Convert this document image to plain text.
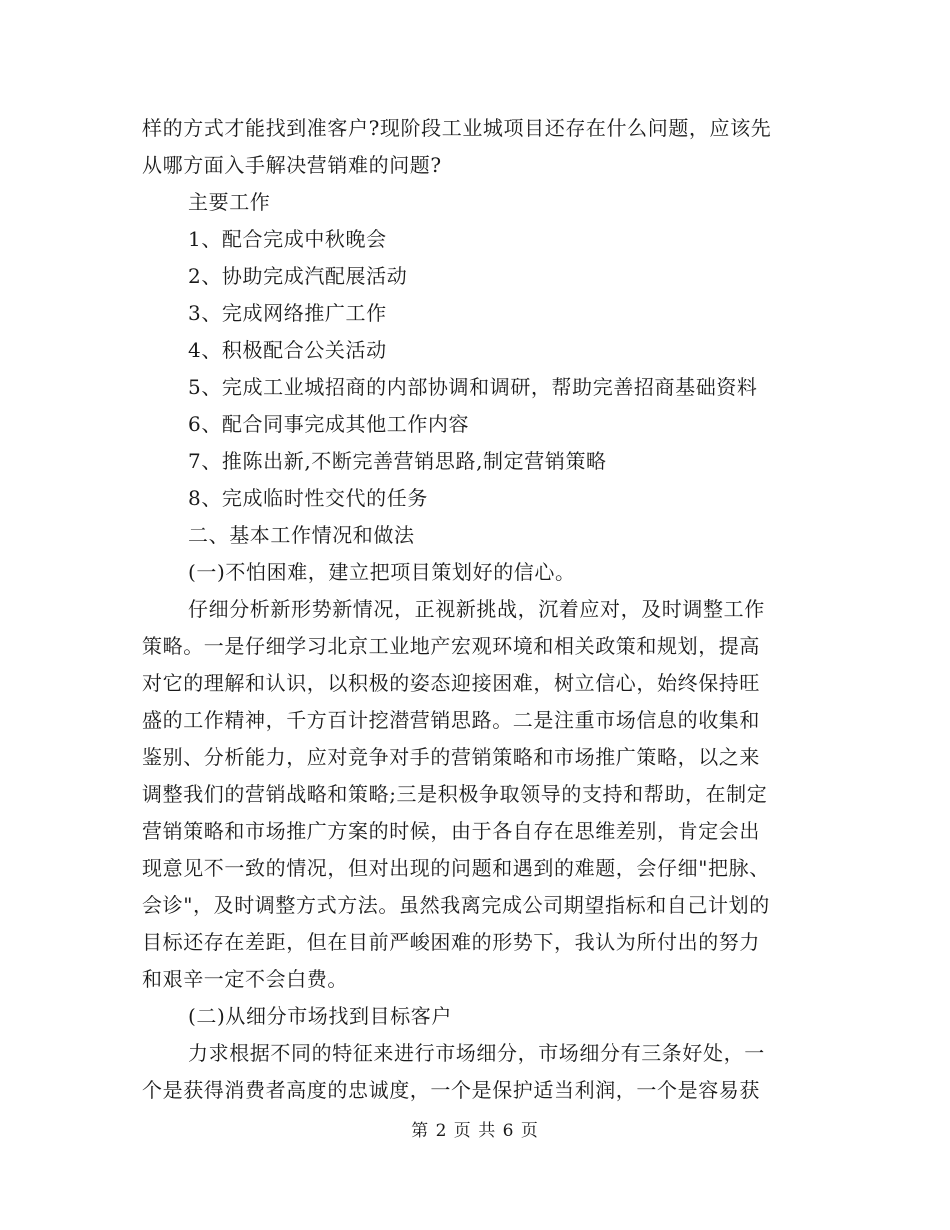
样的方式才能找到准客户?现阶段工业城项目还存在什么问题，应该先
从哪方面入手解决营销难的问题?
主要工作
1、配合完成中秋晚会
2、协助完成汽配展活动
3、完成网络推广工作
4、积极配合公关活动
5、完成工业城招商的内部协调和调研，帮助完善招商基础资料
6、配合同事完成其他工作内容
7、推陈出新,不断完善营销思路,制定营销策略
8、完成临时性交代的任务
二、基本工作情况和做法
(一)不怕困难，建立把项目策划好的信心。
仔细分析新形势新情况，正视新挑战，沉着应对，及时调整工作
策略。一是仔细学习北京工业地产宏观环境和相关政策和规划，提高
对它的理解和认识，以积极的姿态迎接困难，树立信心，始终保持旺
盛的工作精神，千方百计挖潜营销思路。二是注重市场信息的收集和
鉴别、分析能力，应对竞争对手的营销策略和市场推广策略，以之来
调整我们的营销战略和策略;三是积极争取领导的支持和帮助，在制定
营销策略和市场推广方案的时候，由于各自存在思维差别，肯定会出
现意见不一致的情况，但对出现的问题和遇到的难题，会仔细"把脉、
会诊"，及时调整方式方法。虽然我离完成公司期望指标和自己计划的
目标还存在差距，但在目前严峻困难的形势下，我认为所付出的努力
和艰辛一定不会白费。
(二)从细分市场找到目标客户
力求根据不同的特征来进行市场细分，市场细分有三条好处，一
个是获得消费者高度的忠诚度，一个是保护适当利润，一个是容易获
第 2 页 共 6 页
